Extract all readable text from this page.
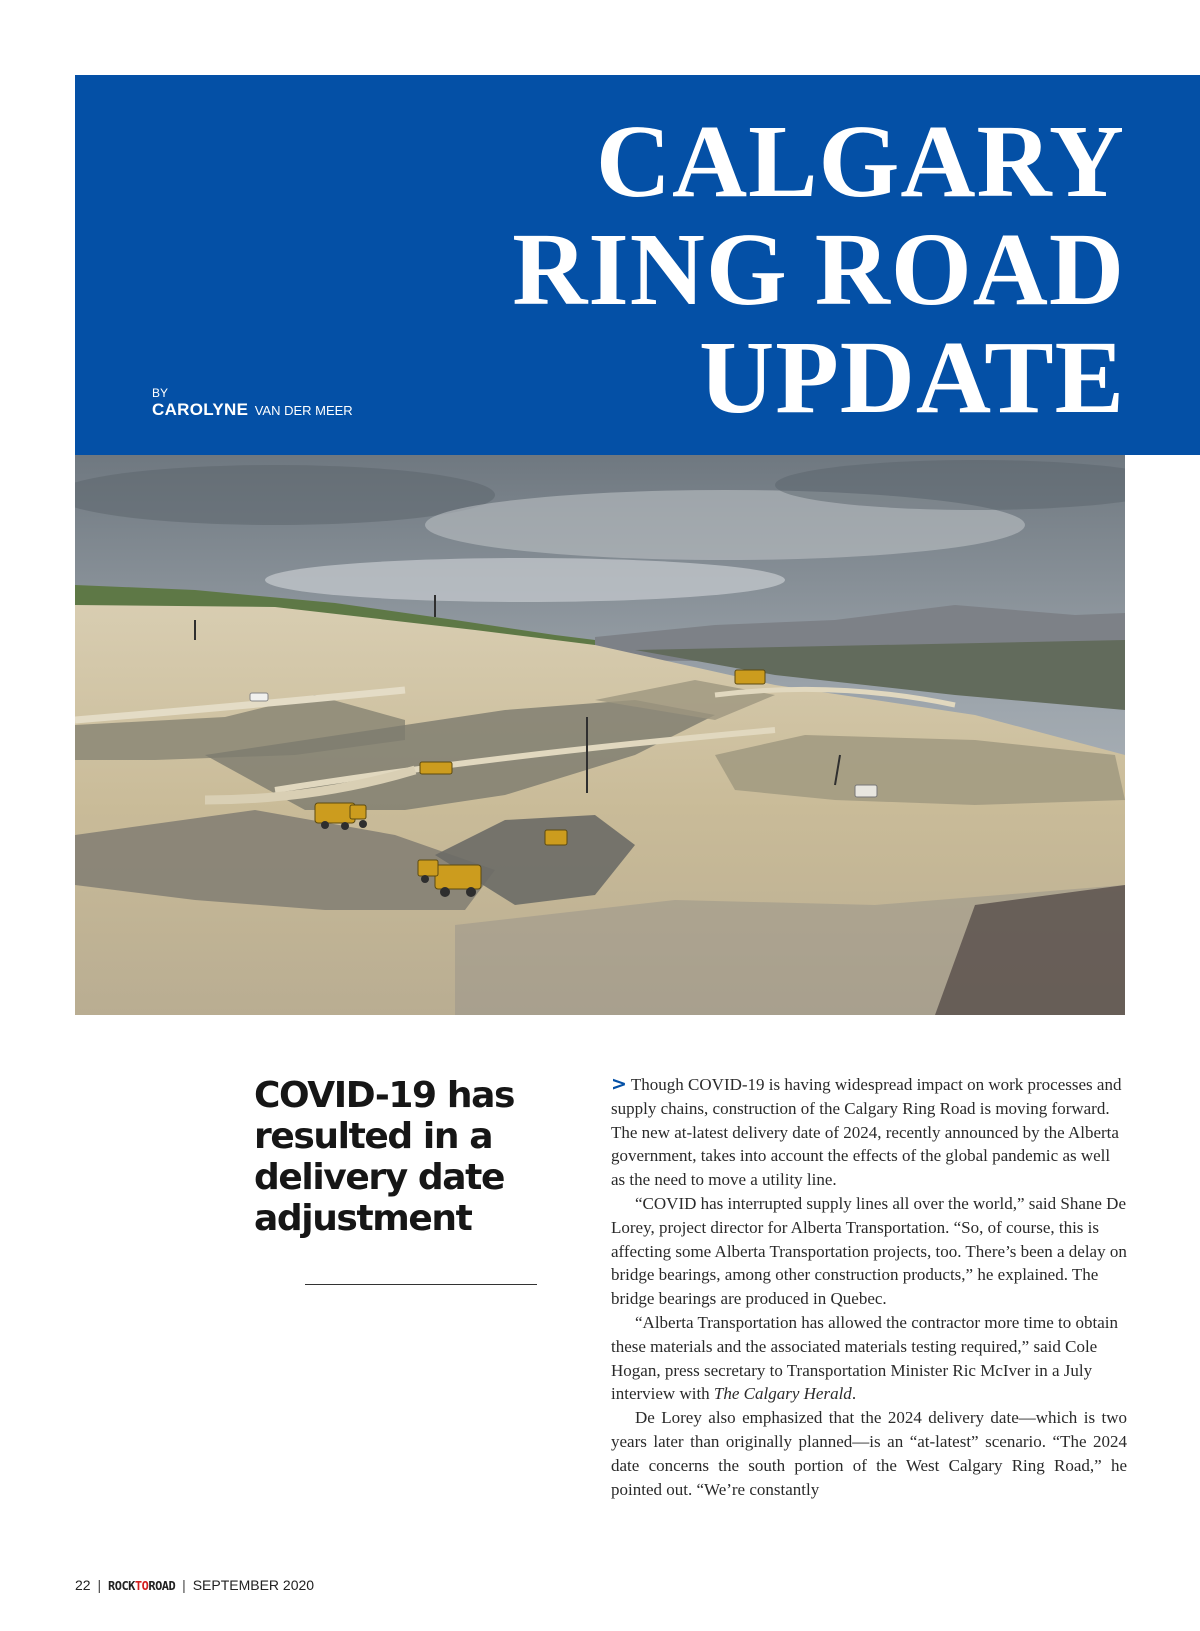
CALGARY
RING ROAD
UPDATE
BY
CAROLYNE VAN DER MEER
COVID-19 has
resulted in a
delivery date
adjustment

> Though COVID-19 is having widespread impact on work processes and supply chains, construction of the Calgary Ring Road is moving forward. The new at-latest delivery date of 2024, recently announced by the Alberta government, takes into account the effects of the global pandemic as well as the need to move a utility line.

“COVID has interrupted supply lines all over the world,” said Shane De Lorey, project director for Alberta Transportation. “So, of course, this is affecting some Alberta Transportation projects, too. There’s been a delay on bridge bearings, among other construction products,” he explained. The bridge bearings are produced in Quebec.

“Alberta Transportation has allowed the contractor more time to obtain these materials and the associated materials testing required,” said Cole Hogan, press secretary to Transportation Minister Ric McIver in a July interview with The Calgary Herald.

De Lorey also emphasized that the 2024 delivery date—which is two years later than originally planned—is an “at-latest” scenario. “The 2024 date concerns the south portion of the West Calgary Ring Road,” he pointed out. “We’re constantly

22 | ROCKTOROAD | SEPTEMBER 2020
